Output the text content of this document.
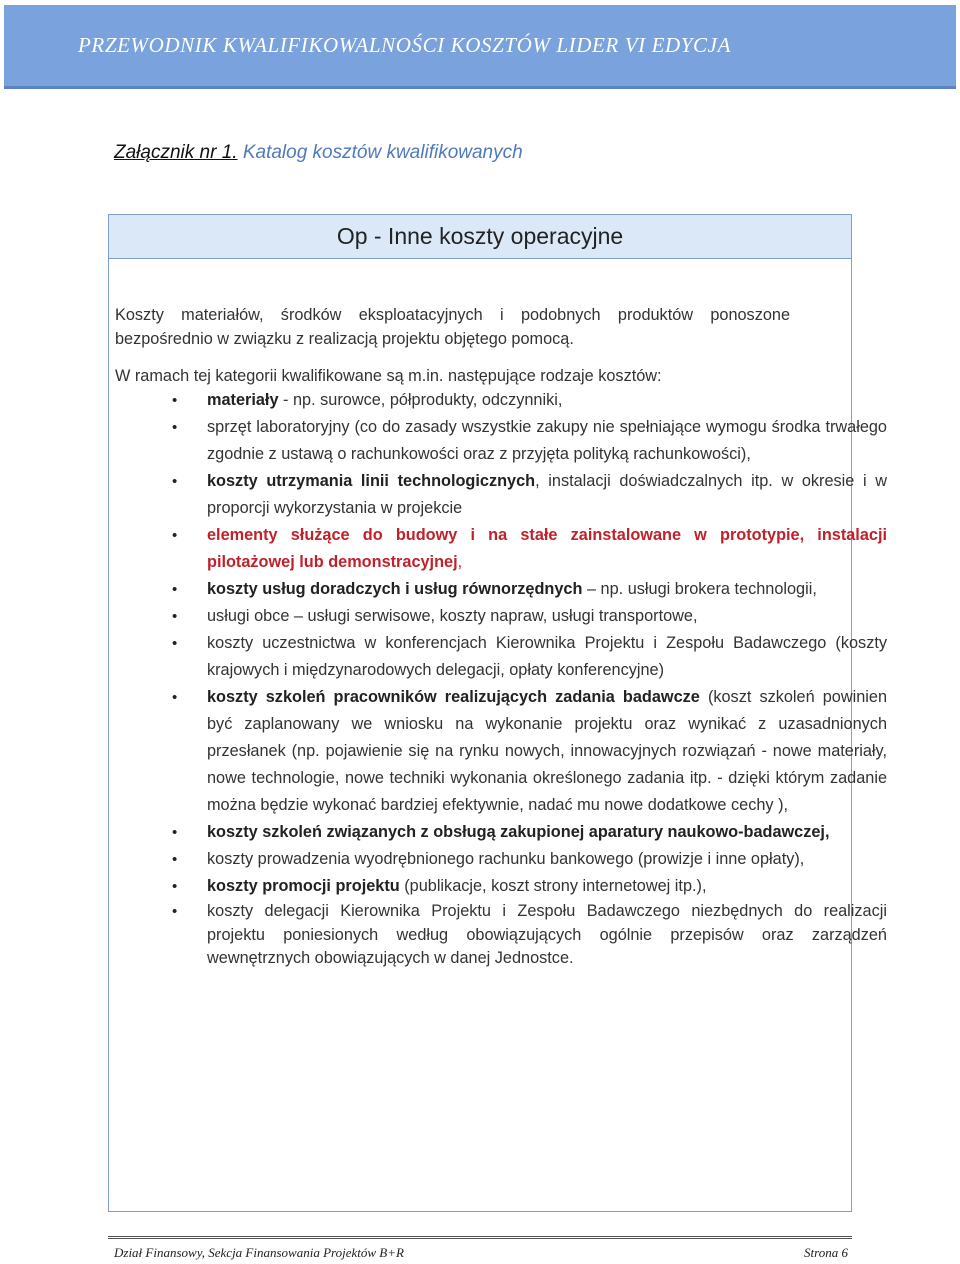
PRZEWODNIK KWALIFIKOWALNOŚCI KOSZTÓW LIDER VI EDYCJA
Załącznik nr 1. Katalog kosztów kwalifikowanych
Op - Inne koszty operacyjne
Koszty materiałów, środków eksploatacyjnych i podobnych produktów ponoszone bezpośrednio w związku z realizacją projektu objętego pomocą.
W ramach tej kategorii kwalifikowane są m.in. następujące rodzaje kosztów:
• materiały - np. surowce, półprodukty, odczynniki,
• sprzęt laboratoryjny (co do zasady wszystkie zakupy nie spełniające wymogu środka trwałego zgodnie z ustawą o rachunkowości oraz z przyjęta polityką rachunkowości),
• koszty utrzymania linii technologicznych, instalacji doświadczalnych itp. w okresie i w proporcji wykorzystania w projekcie
• elementy służące do budowy i na stałe zainstalowane w prototypie, instalacji pilotażowej lub demonstracyjnej,
• koszty usług doradczych i usług równorzędnych – np. usługi brokera technologii,
• usługi obce – usługi serwisowe, koszty napraw, usługi transportowe,
• koszty uczestnictwa w konferencjach Kierownika Projektu i Zespołu Badawczego (koszty krajowych i międzynarodowych delegacji, opłaty konferencyjne)
• koszty szkoleń pracowników realizujących zadania badawcze (koszt szkoleń powinien być zaplanowany we wniosku na wykonanie projektu oraz wynikać z uzasadnionych przesłanek (np. pojawienie się na rynku nowych, innowacyjnych rozwiązań - nowe materiały, nowe technologie, nowe techniki wykonania określonego zadania itp. - dzięki którym zadanie można będzie wykonać bardziej efektywnie, nadać mu nowe dodatkowe cechy ),
• koszty szkoleń związanych z obsługą zakupionej aparatury naukowo-badawczej,
• koszty prowadzenia wyodrębnionego rachunku bankowego (prowizje i inne opłaty),
• koszty promocji projektu (publikacje, koszt strony internetowej itp.),
• koszty delegacji Kierownika Projektu i Zespołu Badawczego niezbędnych do realizacji projektu poniesionych według obowiązujących ogólnie przepisów oraz zarządzeń wewnętrznych obowiązujących w danej Jednostce.
Dział Finansowy, Sekcja Finansowania Projektów B+R	Strona 6
